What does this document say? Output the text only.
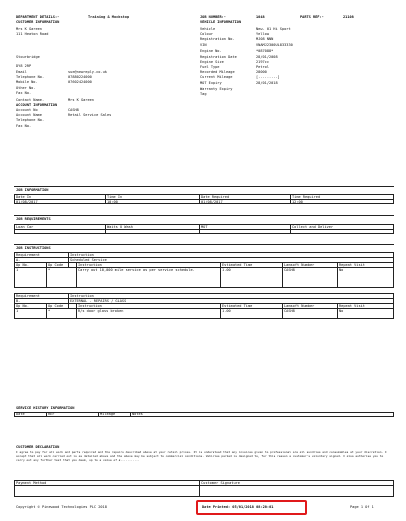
DEPARTMENT DETAILS:-	Training & Mockstop
CUSTOMER INFORMATION
Mrs K Gareen
111 Heaton Road
Stourbridge
DY8 2RP
Email	sue@newreply.co.uk
Telephone No.	07880224000
Mobile No.	07602424000
Other No.
Fax No.
Contact Name.	Mrs K Gareen
ACCOUNT INFORMATION
Account No	CASH8
Account Name	Retail Service Sales
Telephone No.
Fax No.
JOB NUMBER:-	1048	PARTS REF:-	21108
VEHICLE INFORMATION
Vehicle	New- 01 Hi Sport
Colour	Yellow
Registration No.	MJ08 NNN
VIN	VNAMJ2300UL833330
Engine No.	*087088*
Registration Date	28/01/2008
Engine Size	2197cc
Fuel Type	Petrol
Recorded Mileage	28000
Current Mileage	[.........]
MOT Expiry	28/01/2018
Warranty Expiry
Tag
JOB INFORMATION
Date In	Time In	Date Required	Time Required
01/08/2017	10:00	01/08/2017	12:00
JOB REQUIREMENTS
Loan Car	Waits U Wash	MOT	Collect and Deliver
JOB INSTRUCTIONS
Requirement	Instruction
A-	Scheduled Service
Op No.	Op Code	Instruction	Estimated Time	Lamsoft Number	Repeat Visit
1	*	Carry out 10,000 mile service as per service schedule.	1.00	CASH8	No
Requirement	Instruction
B-	EXTERNAL - REPAIRS / GLASS
Op No.	Op Code	Instruction	Estimated Time	Lamsoft Number	Repeat Visit
1	*	R/s door glass broken	1.00	CASH8	No
SERVICE HISTORY INFORMATION
Date	REF	Mileage	Notes
CUSTOMER DECLARATION
I agree to pay for all work and parts required and the repairs described above at your retail prices. It is understood that any invoices given to professional are all sundries and consumables at your discretion. I accept that all work carried out is as detailed above and the above may be subject to commercial conditions. Vehicles parked is designed to, for this reason a customer's voluntary signed. I also authorise you to carry out any further test that you deem, up to a value of £...........
Payment Method	Customer Signature
Copyright © Pinewood Technologies PLC 2018	Date Printed: 05/01/2018 08:20:01	Page 1 Of 1
